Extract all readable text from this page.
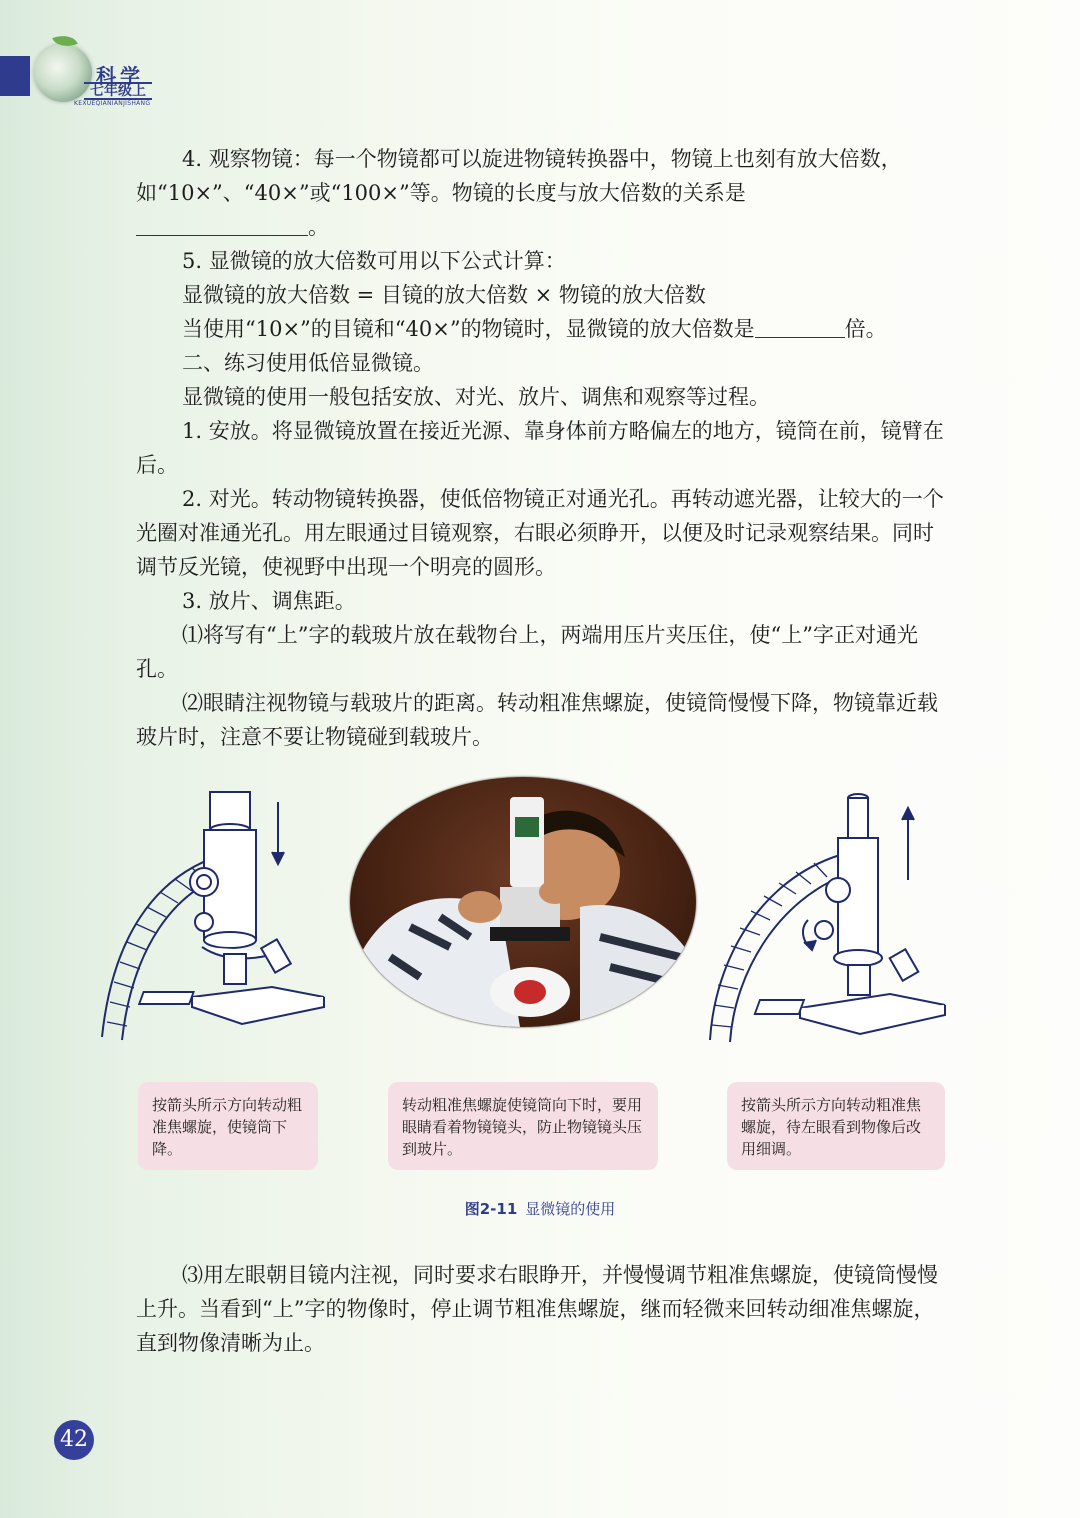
科学
七年级上
KEXUEQIANIANJISHANG

4. 观察物镜：每一个物镜都可以旋进物镜转换器中，物镜上也刻有放大倍数，如“10×”、“40×”或“100×”等。物镜的长度与放大倍数的关系是

。

5. 显微镜的放大倍数可用以下公式计算：

显微镜的放大倍数 = 目镜的放大倍数 × 物镜的放大倍数

当使用“10×”的目镜和“40×”的物镜时，显微镜的放大倍数是	倍。

二、练习使用低倍显微镜。

显微镜的使用一般包括安放、对光、放片、调焦和观察等过程。

1. 安放。将显微镜放置在接近光源、靠身体前方略偏左的地方，镜筒在前，镜臂在后。

2. 对光。转动物镜转换器，使低倍物镜正对通光孔。再转动遮光器，让较大的一个光圈对准通光孔。用左眼通过目镜观察，右眼必须睁开，以便及时记录观察结果。同时调节反光镜，使视野中出现一个明亮的圆形。

3. 放片、调焦距。

⑴将写有“上”字的载玻片放在载物台上，两端用压片夹压住，使“上”字正对通光孔。

⑵眼睛注视物镜与载玻片的距离。转动粗准焦螺旋，使镜筒慢慢下降，物镜靠近载玻片时，注意不要让物镜碰到载玻片。

按箭头所示方向转动粗准焦螺旋，使镜筒下降。
转动粗准焦螺旋使镜筒向下时，要用眼睛看着物镜镜头，防止物镜镜头压到玻片。
按箭头所示方向转动粗准焦螺旋，待左眼看到物像后改用细调。
图2-11 显微镜的使用

⑶用左眼朝目镜内注视，同时要求右眼睁开，并慢慢调节粗准焦螺旋，使镜筒慢慢上升。当看到“上”字的物像时，停止调节粗准焦螺旋，继而轻微来回转动细准焦螺旋，直到物像清晰为止。

42
